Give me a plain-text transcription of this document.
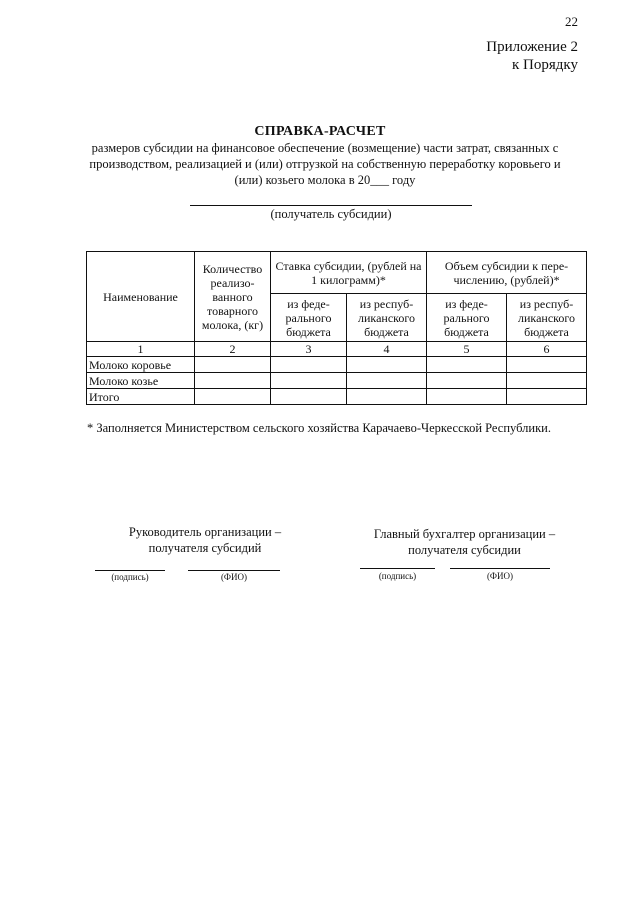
22
Приложение 2
к Порядку
СПРАВКА-РАСЧЕТ
размеров субсидии на финансовое обеспечение (возмещение) части затрат, связанных с производством, реализацией и (или) отгрузкой на собственную переработку коровьего и (или) козьего молока в 20___ году
(получатель субсидии)
Наименование	Количество реализо-ванного товарного молока, (кг)	Ставка субсидии, (рублей на 1 килограмм)*		Объем субсидии к пере-числению, (рублей)*	
		из феде-рального бюджета	из респуб-ликанского бюджета	из феде-рального бюджета	из респуб-ликанского бюджета
1	2	3	4	5	6
Молоко коровье					
Молоко козье					
Итого					
* Заполняется Министерством сельского хозяйства Карачаево-Черкесской Республики.
Руководитель организации –
получателя субсидий
(подпись)	(ФИО)
Главный бухгалтер организации –
получателя субсидии
(подпись)	(ФИО)
